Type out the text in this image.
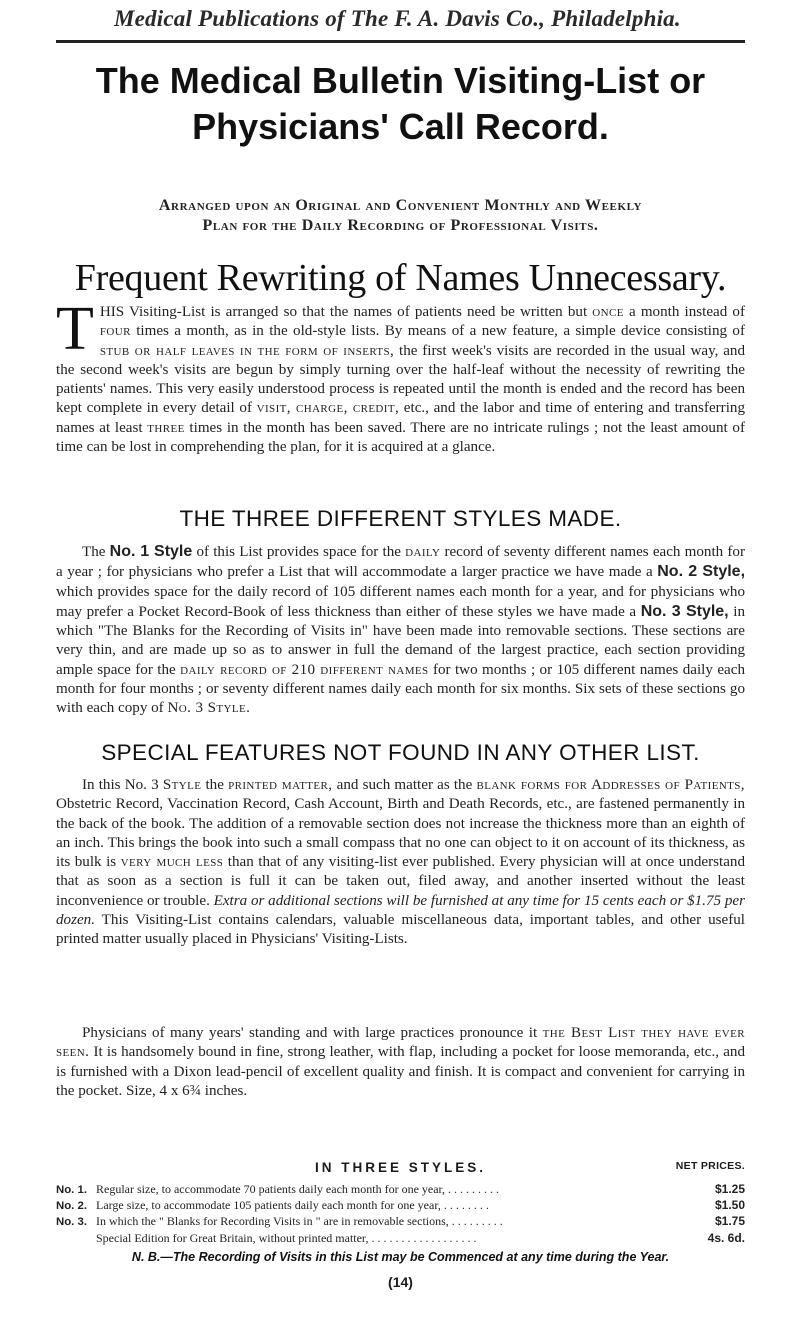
Medical Publications of The F. A. Davis Co., Philadelphia.
The Medical Bulletin Visiting-List or Physicians' Call Record.
Arranged upon an Original and Convenient Monthly and Weekly
Plan for the Daily Recording of Professional Visits.
Frequent Rewriting of Names Unnecessary.
THIS Visiting-List is arranged so that the names of patients need be written but once a month instead of four times a month, as in the old-style lists. By means of a new feature, a simple device consisting of stub or half leaves in the form of inserts, the first week's visits are recorded in the usual way, and the second week's visits are begun by simply turning over the half-leaf without the necessity of rewriting the patients' names. This very easily understood process is repeated until the month is ended and the record has been kept complete in every detail of visit, charge, credit, etc., and the labor and time of entering and transferring names at least three times in the month has been saved. There are no intricate rulings ; not the least amount of time can be lost in comprehending the plan, for it is acquired at a glance.
THE THREE DIFFERENT STYLES MADE.
The No. 1 Style of this List provides space for the daily record of seventy different names each month for a year ; for physicians who prefer a List that will accommodate a larger practice we have made a No. 2 Style, which provides space for the daily record of 105 different names each month for a year, and for physicians who may prefer a Pocket Record-Book of less thickness than either of these styles we have made a No. 3 Style, in which "The Blanks for the Recording of Visits in" have been made into removable sections. These sections are very thin, and are made up so as to answer in full the demand of the largest practice, each section providing ample space for the daily record of 210 different names for two months ; or 105 different names daily each month for four months ; or seventy different names daily each month for six months. Six sets of these sections go with each copy of No. 3 Style.
SPECIAL FEATURES NOT FOUND IN ANY OTHER LIST.
In this No. 3 Style the printed matter, and such matter as the blank forms for Addresses of Patients, Obstetric Record, Vaccination Record, Cash Account, Birth and Death Records, etc., are fastened permanently in the back of the book. The addition of a removable section does not increase the thickness more than an eighth of an inch. This brings the book into such a small compass that no one can object to it on account of its thickness, as its bulk is very much less than that of any visiting-list ever published. Every physician will at once understand that as soon as a section is full it can be taken out, filed away, and another inserted without the least inconvenience or trouble. Extra or additional sections will be furnished at any time for 15 cents each or $1.75 per dozen. This Visiting-List contains calendars, valuable miscellaneous data, important tables, and other useful printed matter usually placed in Physicians' Visiting-Lists.
Physicians of many years' standing and with large practices pronounce it the Best List they have ever seen. It is handsomely bound in fine, strong leather, with flap, including a pocket for loose memoranda, etc., and is furnished with a Dixon lead-pencil of excellent quality and finish. It is compact and convenient for carrying in the pocket. Size, 4 x 6¾ inches.
IN THREE STYLES.	NET PRICES.
No. 1. Regular size, to accommodate 70 patients daily each month for one year, . . . . . . . . .	$1.25
No. 2. Large size, to accommodate 105 patients daily each month for one year, . . . . . . . .	$1.50
No. 3. In which the " Blanks for Recording Visits in " are in removable sections, . . . . . . . . .	$1.75
Special Edition for Great Britain, without printed matter, . . . . . . . . . . . . . . . . . .	4s. 6d.
N. B.—The Recording of Visits in this List may be Commenced at any time during the Year.
(14)
